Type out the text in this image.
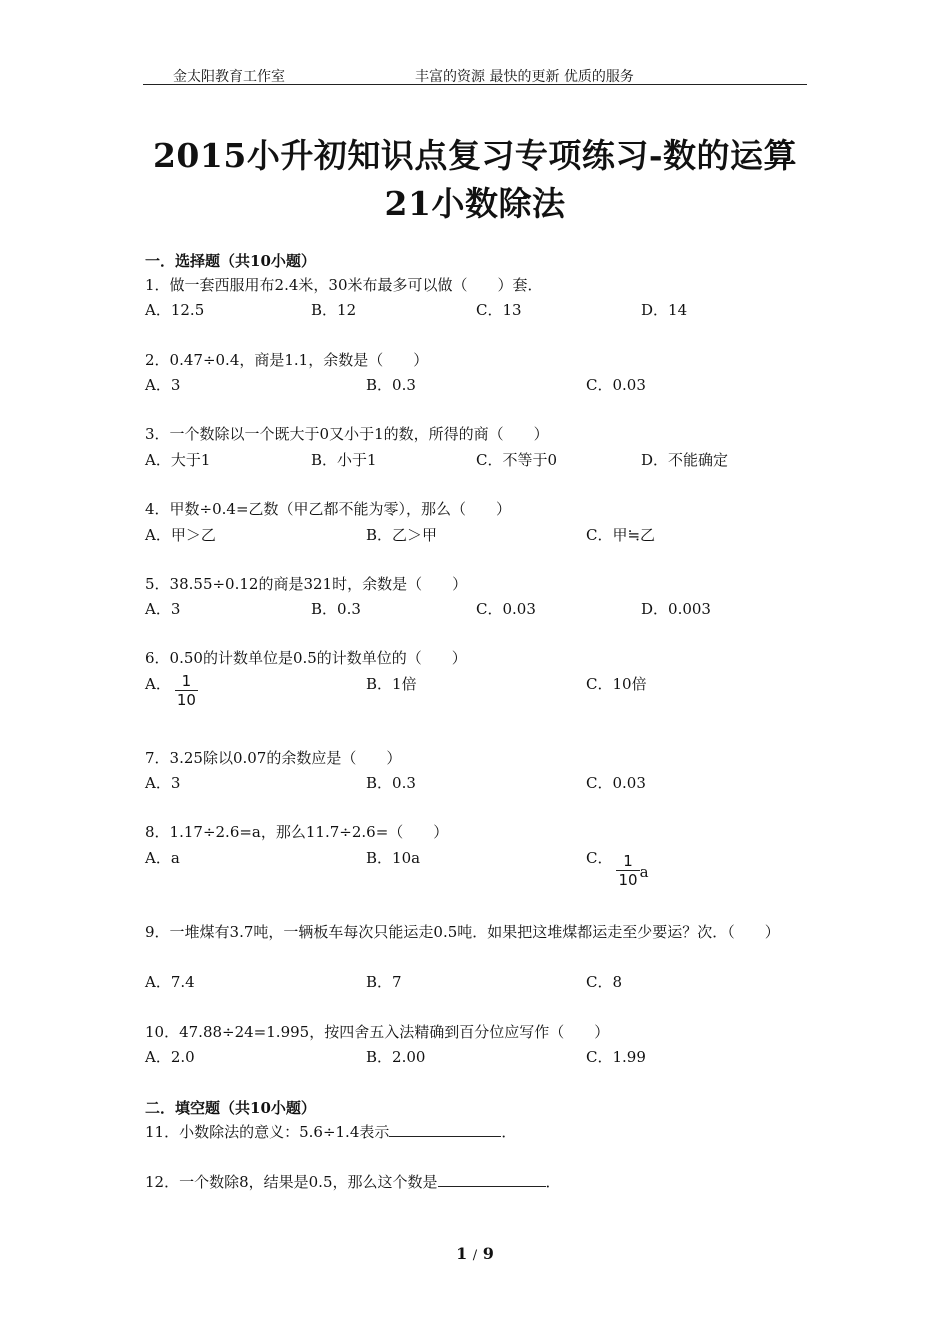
金太阳教育工作室	丰富的资源 最快的更新 优质的服务
2015小升初知识点复习专项练习-数的运算
21小数除法
一．选择题（共10小题）
1．做一套西服用布2.4米，30米布最多可以做（　　）套．
A．12.5	B．12	C．13	D．14
2．0.47÷0.4，商是1.1，余数是（　　）
A．3	B．0.3	C．0.03
3．一个数除以一个既大于0又小于1的数，所得的商（　　）
A．大于1	B．小于1	C．不等于0	D．不能确定
4．甲数÷0.4=乙数（甲乙都不能为零），那么（　　）
A．甲＞乙	B．乙＞甲	C．甲≒乙
5．38.55÷0.12的商是321时，余数是（　　）
A．3	B．0.3	C．0.03	D．0.003
6．0.50的计数单位是0.5的计数单位的（　　）
A． $\frac{1}{10}$	B．1倍	C．10倍
7．3.25除以0.07的余数应是（　　）
A．3	B．0.3	C．0.03
8．1.17÷2.6=a，那么11.7÷2.6=（　　）
A．a	B．10a	C． $\frac{1}{10}$ a
9．一堆煤有3.7吨，一辆板车每次只能运走0.5吨．如果把这堆煤都运走至少要运？次．（　　）
A．7.4	B．7	C．8
10．47.88÷24=1.995，按四舍五入法精确到百分位应写作（　　）
A．2.0	B．2.00	C．1.99
二．填空题（共10小题）
11．小数除法的意义：5.6÷1.4表示	．
12．一个数除8，结果是0.5，那么这个数是	．
1 / 9
